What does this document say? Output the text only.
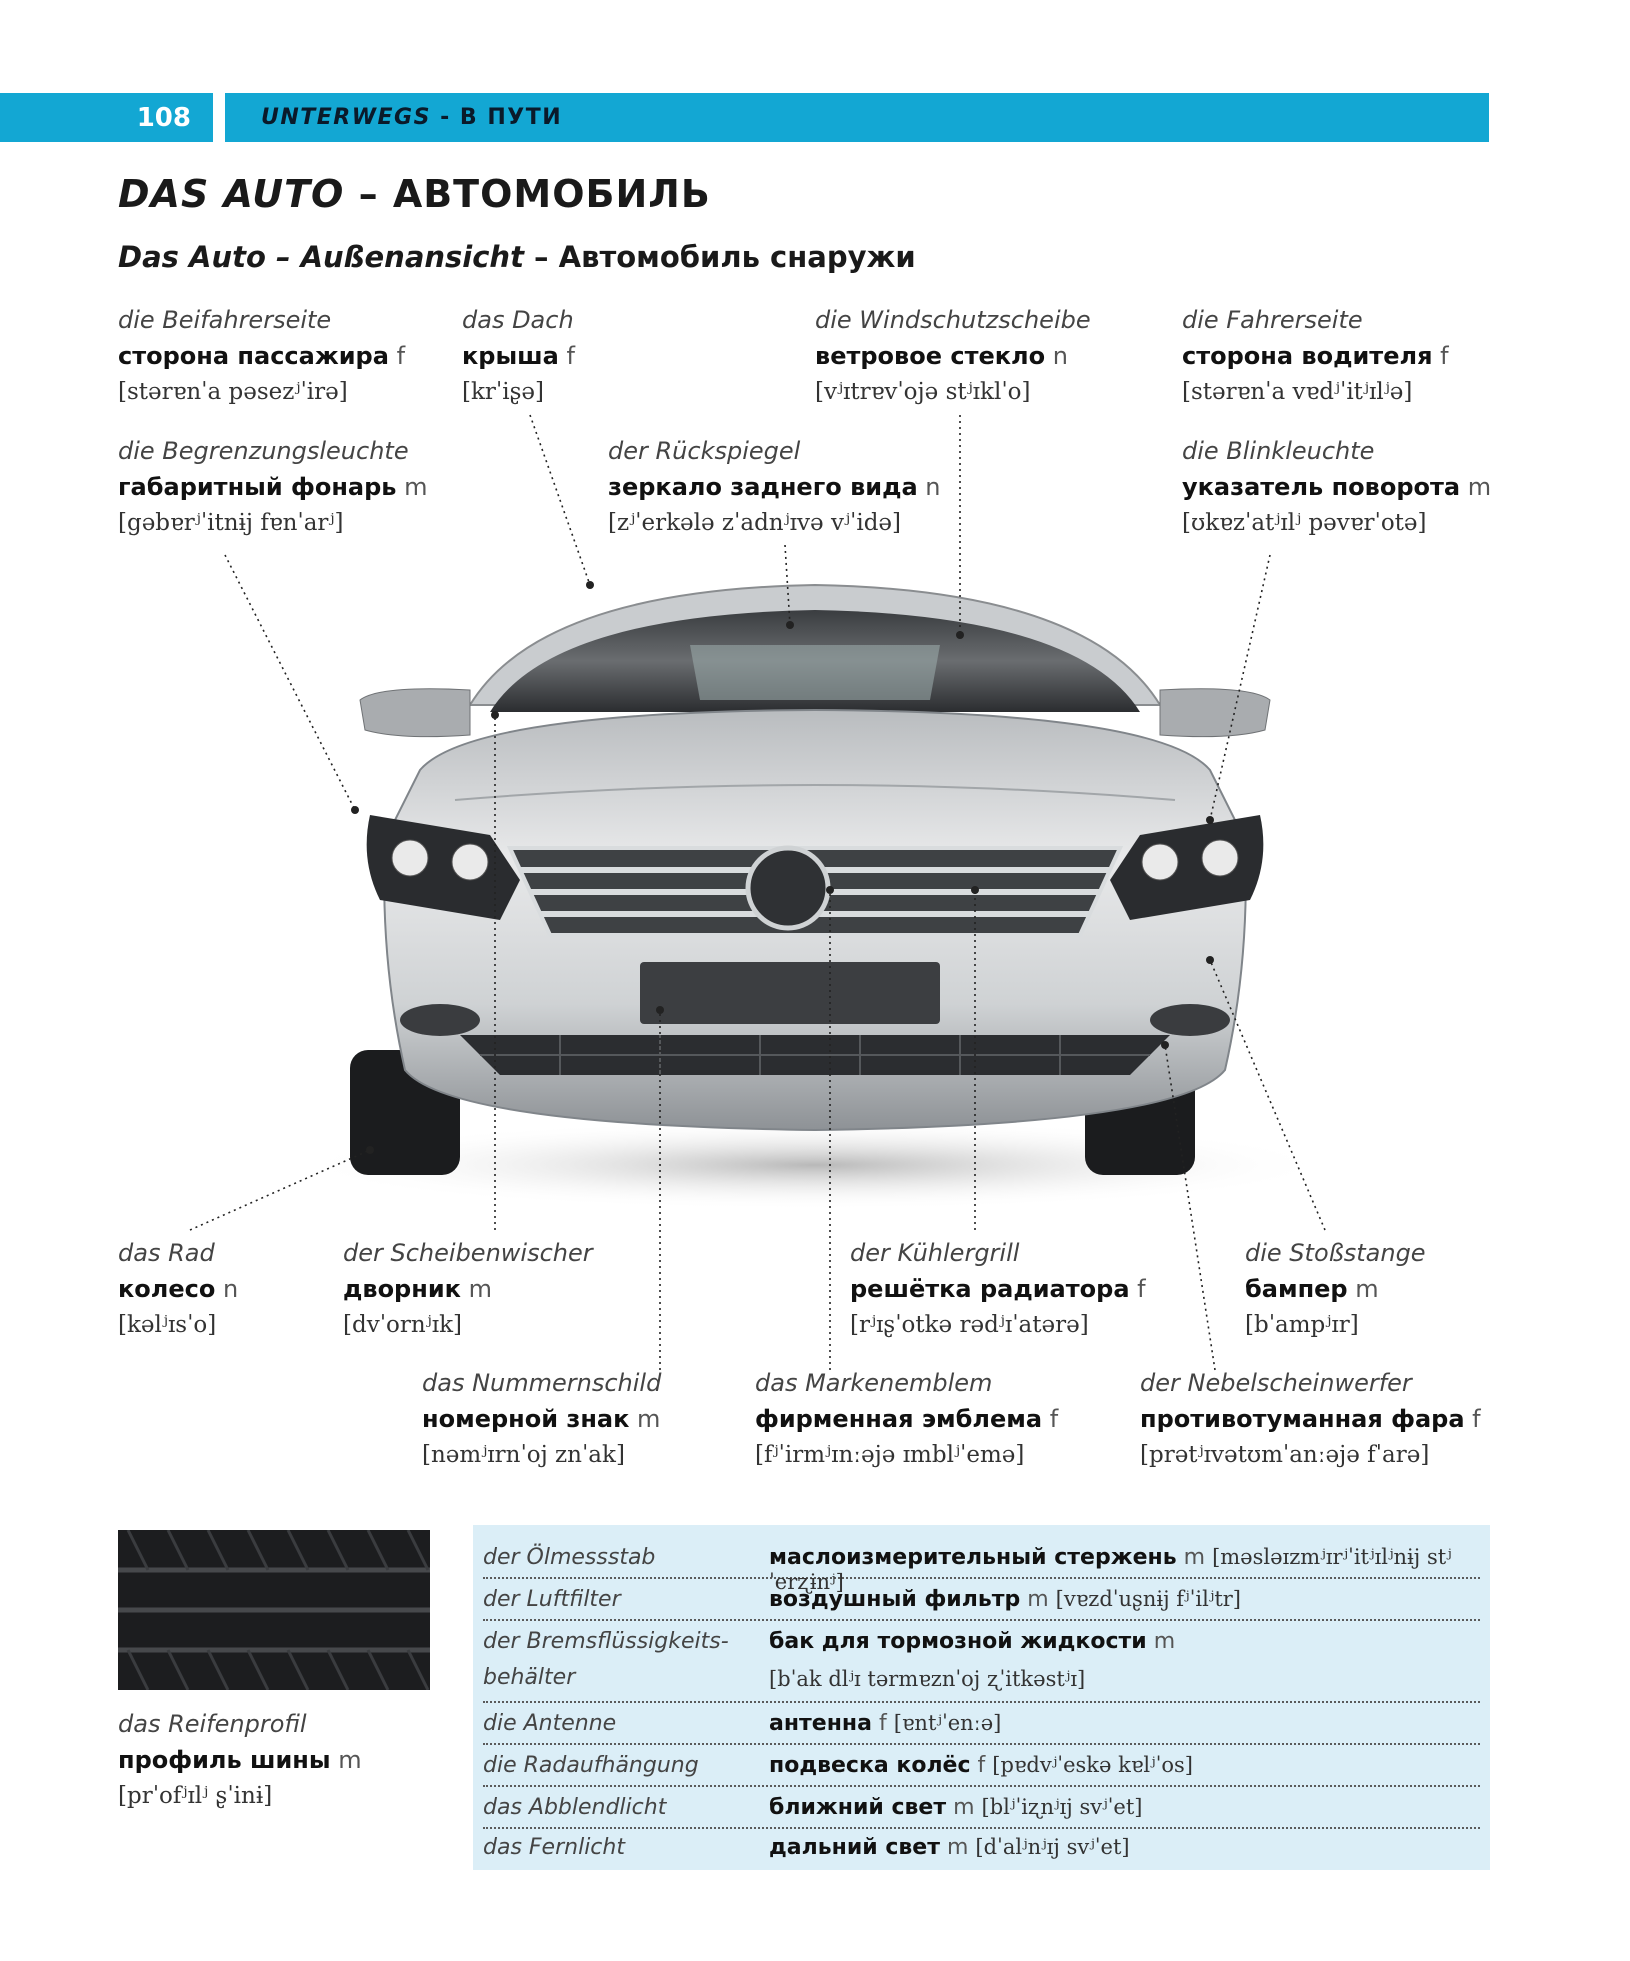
108	UNTERWEGS - В ПУТИ
DAS AUTO – АВТОМОБИЛЬ
Das Auto – Außenansicht – Автомобиль снаружи
die Beifahrerseite
сторона пассажира f
[stərɐnˈa pəsezʲˈirə]
das Dach
крыша f
[krˈiʂə]
die Windschutzscheibe
ветровое стекло n
[vʲɪtrɐvˈojə stʲɪklˈo]
die Fahrerseite
сторона водителя f
[stərɐnˈa vɐdʲˈitʲɪlʲə]
die Begrenzungsleuchte
габаритный фонарь m
[gəbɐrʲˈitnɨj fɐnˈarʲ]
der Rückspiegel
зеркало заднего вида n
[zʲˈerkələ zˈadnʲɪvə vʲˈidə]
die Blinkleuchte
указатель поворота m
[ʊkɐzˈatʲɪlʲ pəvɐrˈotə]
das Rad
колесо n
[kəlʲɪsˈo]
der Scheibenwischer
дворник m
[dvˈornʲɪk]
der Kühlergrill
решётка радиатора f
[rʲɪʂˈotkə rədʲɪˈatərə]
die Stoßstange
бампер m
[bˈampʲɪr]
das Nummernschild
номерной знак m
[nəmʲɪrnˈoj znˈak]
das Markenemblem
фирменная эмблема f
[fʲˈirmʲɪnːəjə ɪmblʲˈemə]
der Nebelscheinwerfer
противотуманная фара f
[prətʲɪvətʊmˈanːəjə fˈarə]
das Reifenprofil
профиль шины m
[prˈofʲɪlʲ ʂˈinɨ]
der Ölmessstab	маслоизмерительный стержень m [məsləɪzmʲɪrʲˈitʲɪlʲnɨj stʲˈerʐɨnʲ]
der Luftfilter	воздушный фильтр m [vɐzdˈuʂnɨj fʲˈilʲtr]
der Bremsflüssigkeits-
behälter
бак для тормозной жидкости m
[bˈak dlʲɪ tərmɐznˈoj ʐˈitkəstʲɪ]
die Antenne	антенна f [ɐntʲˈenːə]
die Radaufhängung	подвеска колёс f [pɐdvʲˈeskə kɐlʲˈos]
das Abblendlicht	ближний свет m [blʲˈiʐnʲɪj svʲˈet]
das Fernlicht	дальний свет m [dˈalʲnʲɪj svʲˈet]
